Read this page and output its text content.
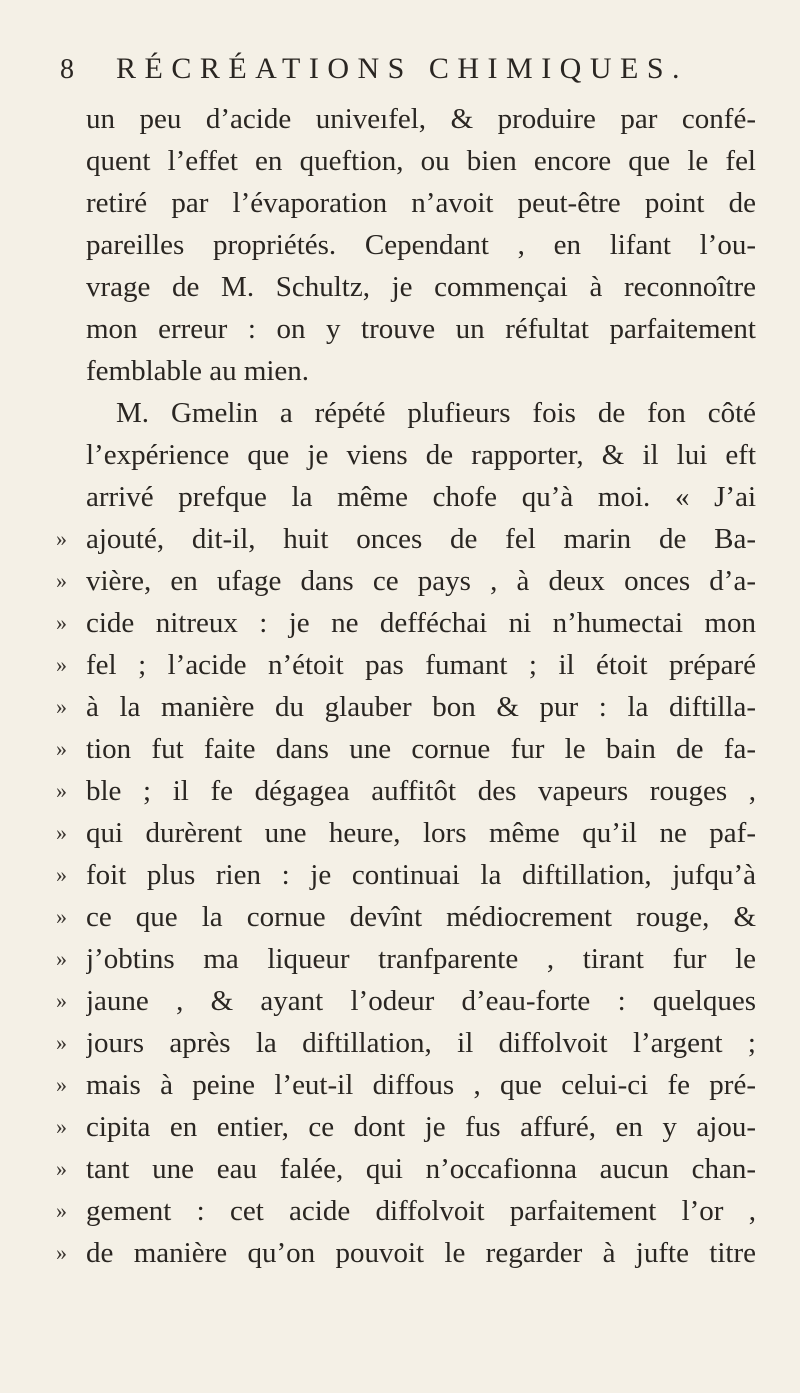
8	RÉCRÉATIONS CHIMIQUES.
un peu d’acide univeıfel, & produire par confé-
quent l’effet en queftion, ou bien encore que le fel
retiré par l’évaporation n’avoit peut-être point de
pareilles propriétés. Cependant , en lifant l’ou-
vrage de M. Schultz, je commençai à reconnoître
mon erreur : on y trouve un réfultat parfaitement
femblable au mien.
M. Gmelin a répété plufieurs fois de fon côté
l’expérience que je viens de rapporter, & il lui eft
arrivé prefque la même chofe qu’à moi. « J’ai
» ajouté, dit-il, huit onces de fel marin de Ba-
» vière, en ufage dans ce pays , à deux onces d’a-
» cide nitreux : je ne defféchai ni n’humectai mon
» fel ; l’acide n’étoit pas fumant ; il étoit préparé
» à la manière du glauber bon & pur : la diftilla-
» tion fut faite dans une cornue fur le bain de fa-
» ble ; il fe dégagea auffitôt des vapeurs rouges ,
» qui durèrent une heure, lors même qu’il ne paf-
» foit plus rien : je continuai la diftillation, jufqu’à
» ce que la cornue devînt médiocrement rouge, &
» j’obtins ma liqueur tranfparente , tirant fur le
» jaune , & ayant l’odeur d’eau-forte : quelques
» jours après la diftillation, il diffolvoit l’argent ;
» mais à peine l’eut-il diffous , que celui-ci fe pré-
» cipita en entier, ce dont je fus affuré, en y ajou-
» tant une eau falée, qui n’occafionna aucun chan-
» gement : cet acide diffolvoit parfaitement l’or ,
» de manière qu’on pouvoit le regarder à jufte titre
